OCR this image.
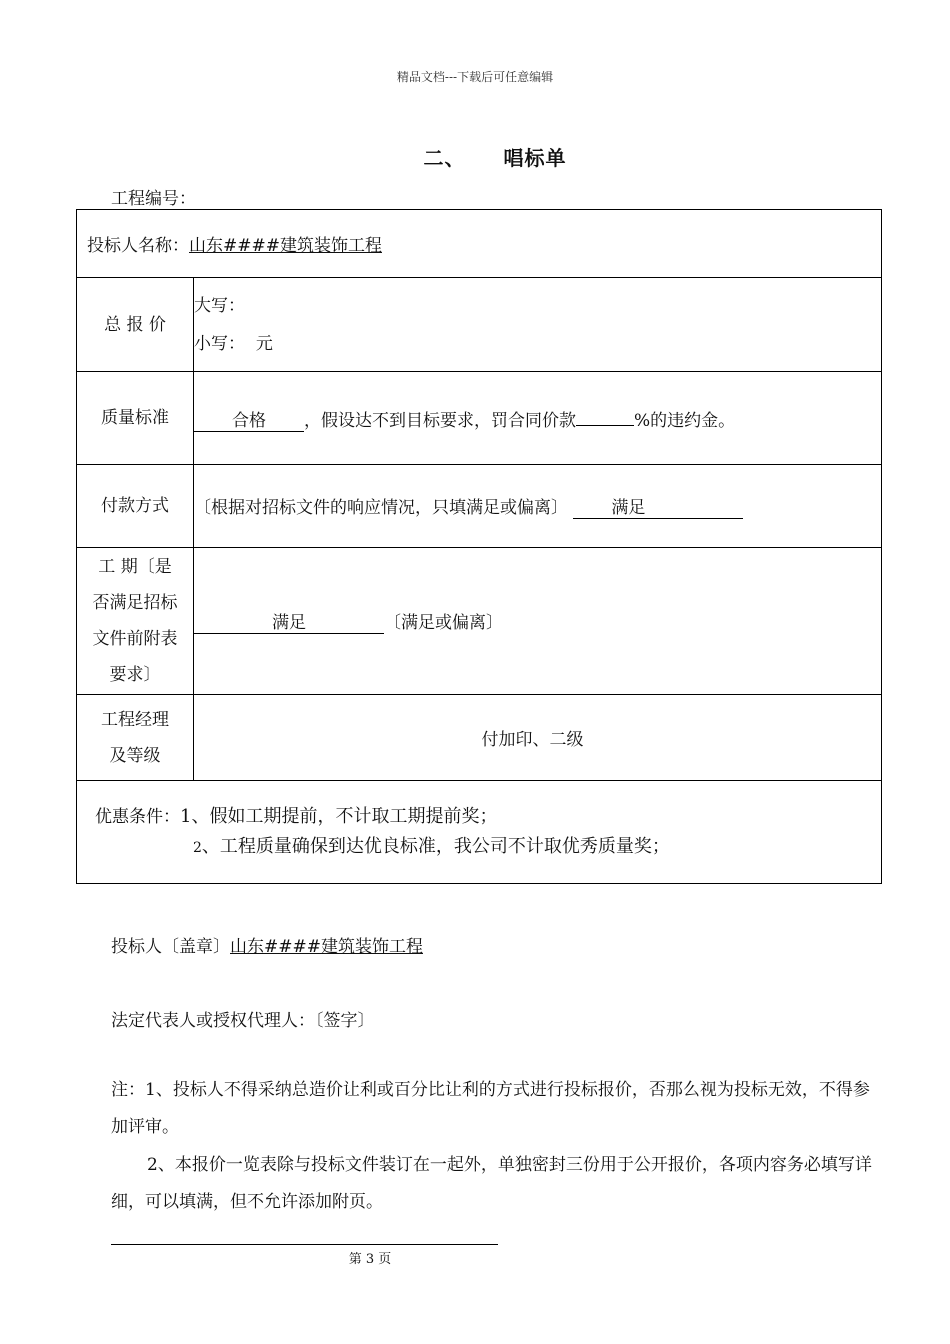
精品文档---下载后可任意编辑
二、 唱标单
工程编号：
投标人名称：山东####建筑装饰工程	
总 报 价	大写：
小写： 元

质量标准	合格 ，假设达不到目标要求，罚合同价款 %的违约金。
付款方式	〔根据对招标文件的响应情况，只填满足或偏离〕 满足

工 期〔是
否满足招标
文件前附表
要求〕	满足 〔满足或偏离〕

工程经理
及等级	付加印、二级

优惠条件：1、假如工期提前，不计取工期提前奖；
2、工程质量确保到达优良标准，我公司不计取优秀质量奖；	
投标人〔盖章〕山东####建筑装饰工程
法定代表人或授权代理人：〔签字〕
注：1、投标人不得采纳总造价让利或百分比让利的方式进行投标报价，否那么视为投标无效，不得参加评审。
2、本报价一览表除与投标文件装订在一起外，单独密封三份用于公开报价，各项内容务必填写详细，可以填满，但不允许添加附页。
第 3 页
